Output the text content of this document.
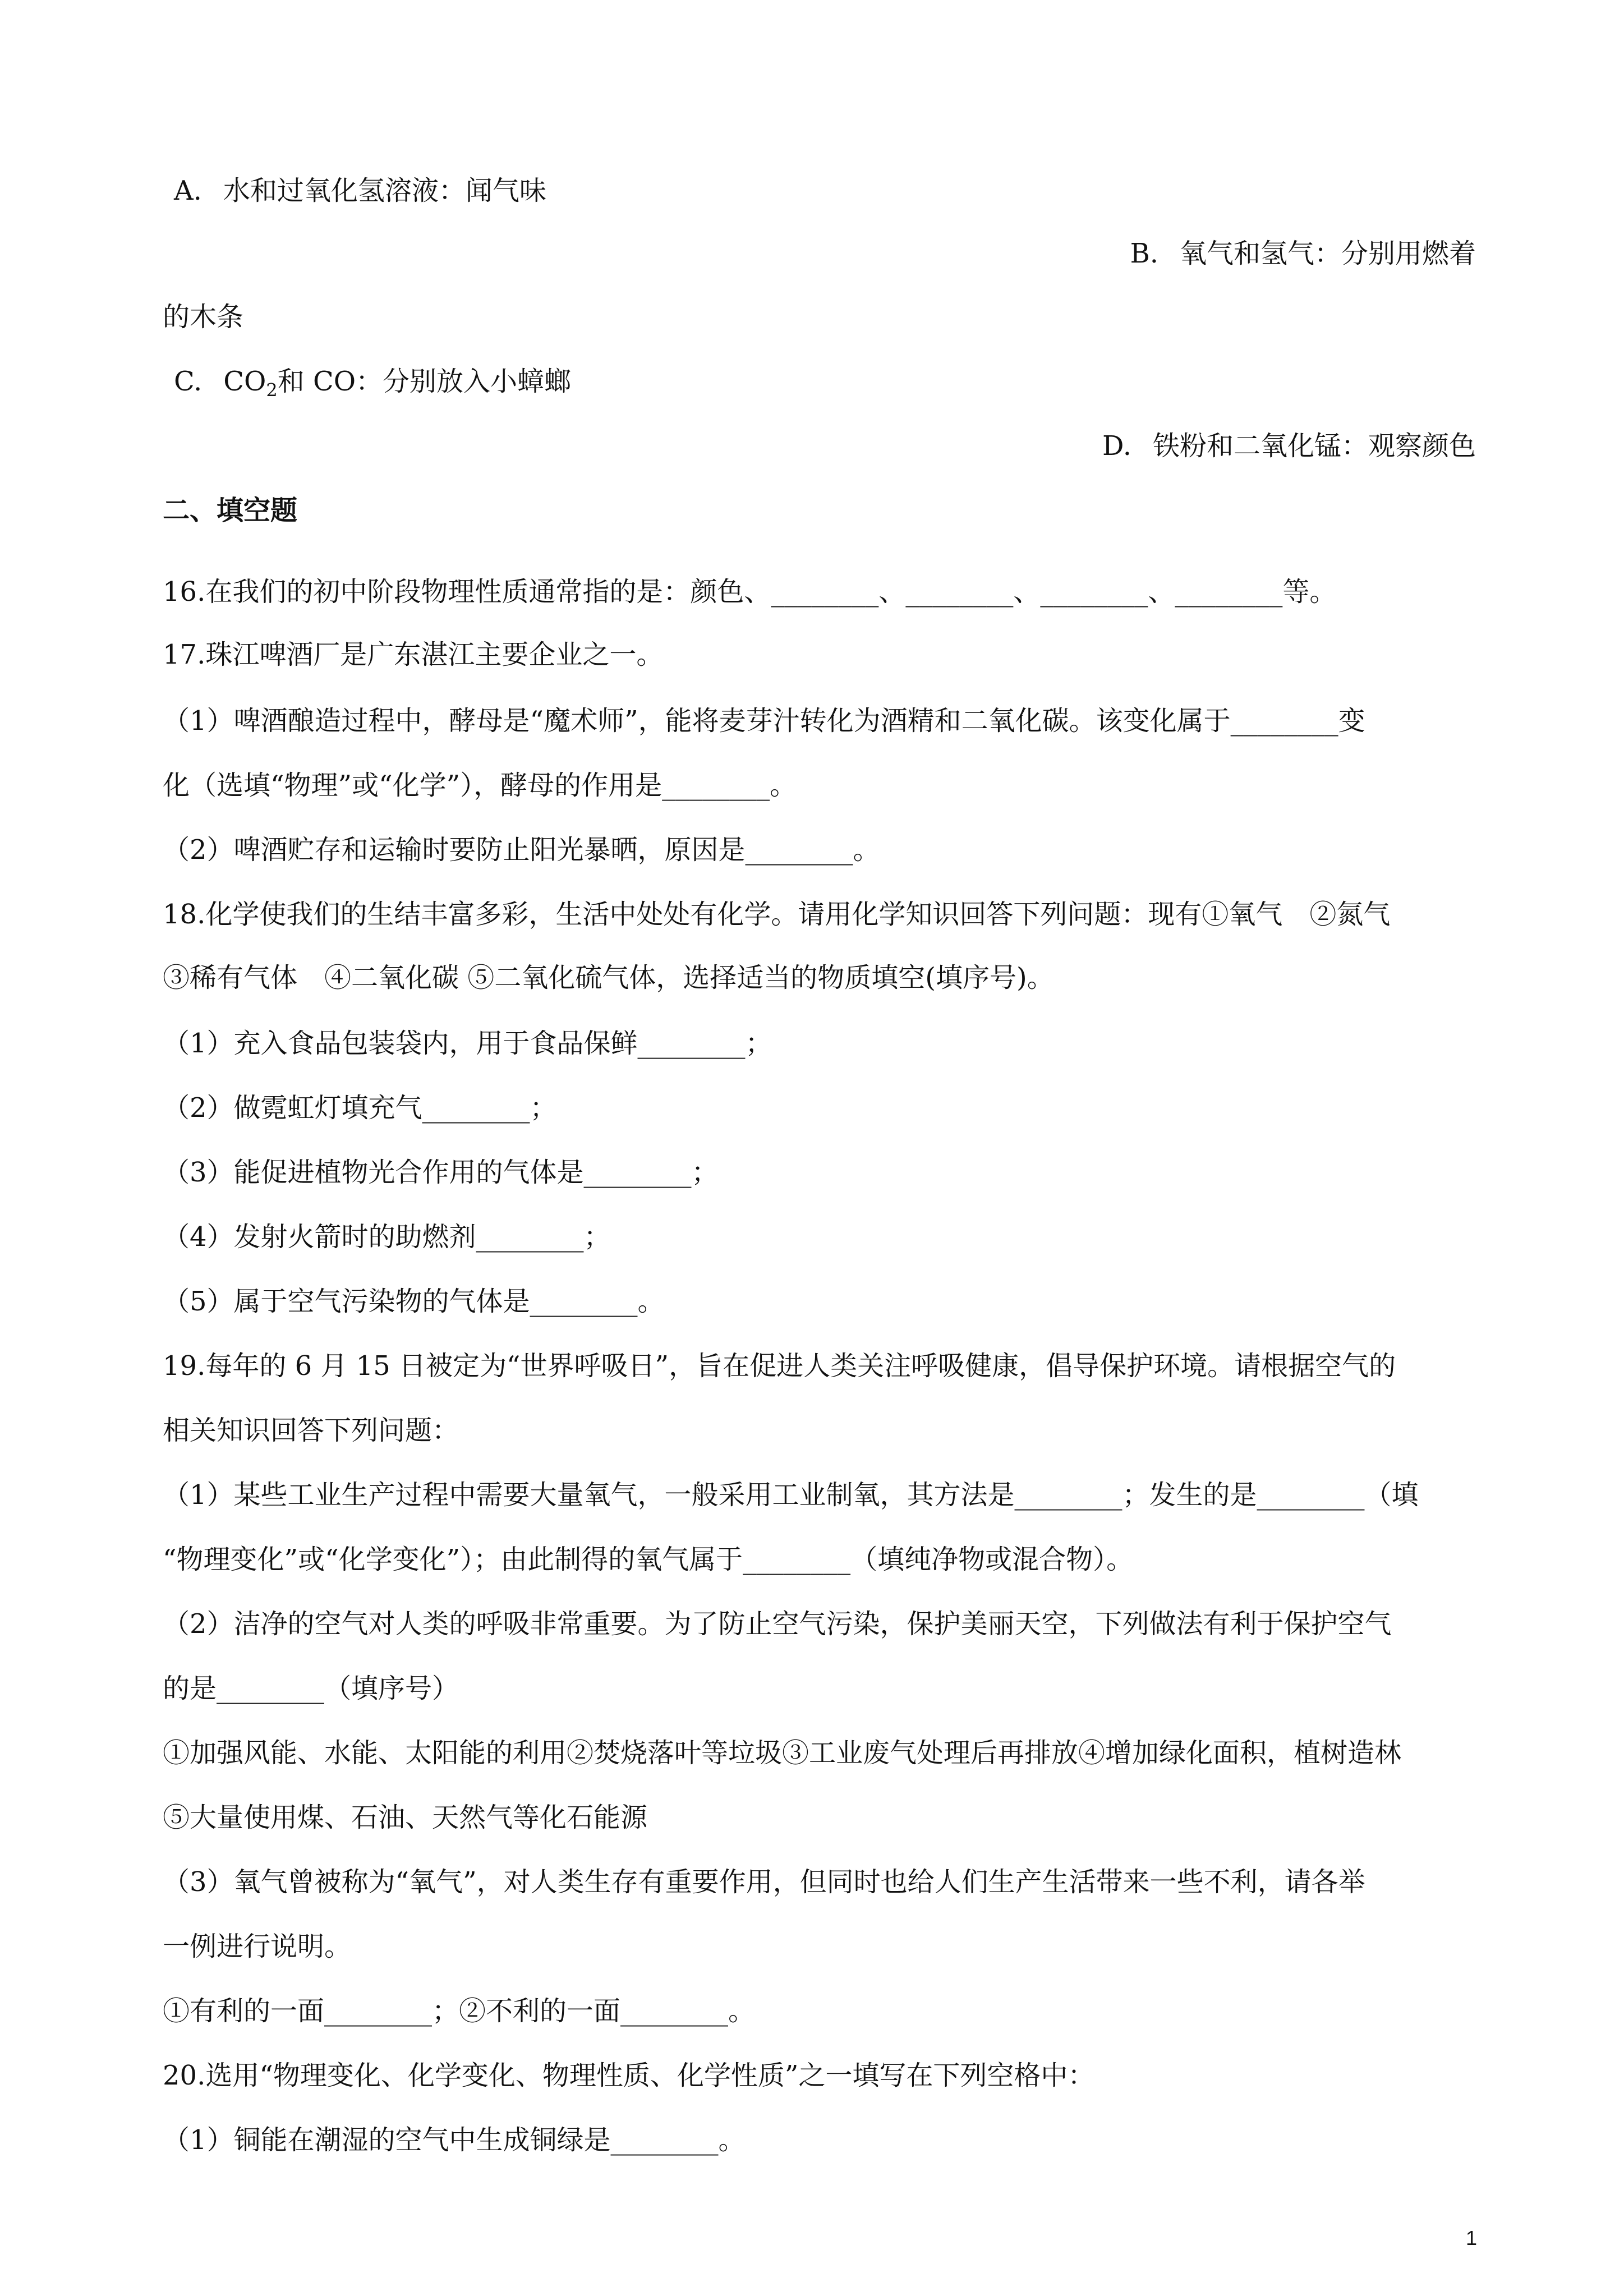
A. 水和过氧化氢溶液：闻气味
B. 氧气和氢气：分别用燃着
的木条
C. $CO_2$和 CO：分别放入小蟑螂
D. 铁粉和二氧化锰：观察颜色
二、填空题
16.在我们的初中阶段物理性质通常指的是：颜色、________、________、________、________等。
17.珠江啤酒厂是广东湛江主要企业之一。
（1）啤酒酿造过程中，酵母是“魔术师”，能将麦芽汁转化为酒精和二氧化碳。该变化属于________变
化（选填“物理”或“化学”），酵母的作用是________。
（2）啤酒贮存和运输时要防止阳光暴晒，原因是________。
18.化学使我们的生结丰富多彩，生活中处处有化学。请用化学知识回答下列问题：现有①氧气　②氮气
③稀有气体　④二氧化碳 ⑤二氧化硫气体，选择适当的物质填空(填序号)。
（1）充入食品包装袋内，用于食品保鲜________；
（2）做霓虹灯填充气________；
（3）能促进植物光合作用的气体是________；
（4）发射火箭时的助燃剂________；
（5）属于空气污染物的气体是________。
19.每年的 6 月 15 日被定为“世界呼吸日”，旨在促进人类关注呼吸健康，倡导保护环境。请根据空气的
相关知识回答下列问题：
（1）某些工业生产过程中需要大量氧气，一般采用工业制氧，其方法是________；发生的是________（填
“物理变化”或“化学变化”）；由此制得的氧气属于________（填纯净物或混合物）。
（2）洁净的空气对人类的呼吸非常重要。为了防止空气污染，保护美丽天空，下列做法有利于保护空气
的是________（填序号）
①加强风能、水能、太阳能的利用②焚烧落叶等垃圾③工业废气处理后再排放④增加绿化面积，植树造林
⑤大量使用煤、石油、天然气等化石能源
（3）氧气曾被称为“氧气”，对人类生存有重要作用，但同时也给人们生产生活带来一些不利，请各举
一例进行说明。
①有利的一面________；②不利的一面________。
20.选用“物理变化、化学变化、物理性质、化学性质”之一填写在下列空格中：
（1）铜能在潮湿的空气中生成铜绿是________。
1
